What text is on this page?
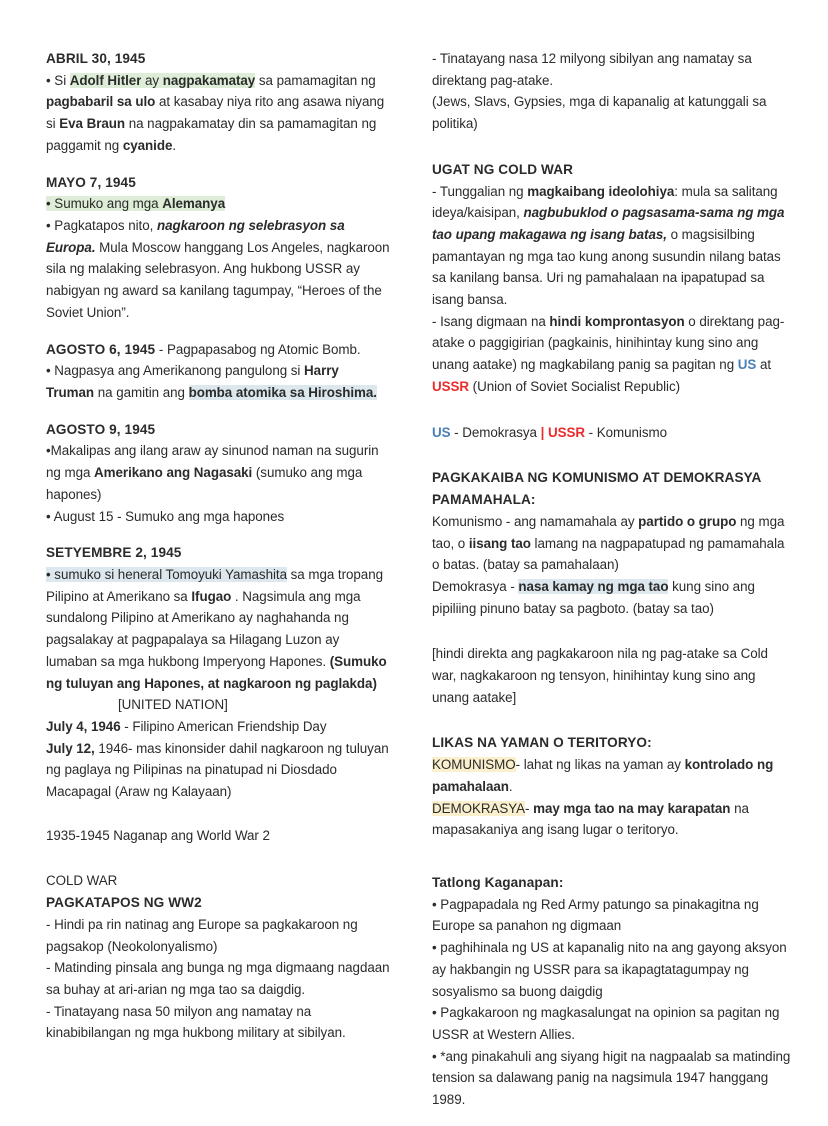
ABRIL 30, 1945

• Si Adolf Hitler ay nagpakamatay sa pamamagitan ng pagbabaril sa ulo at kasabay niya rito ang asawa niyang si Eva Braun na nagpakamatay din sa pamamagitan ng paggamit ng cyanide.

MAYO 7, 1945

• Sumuko ang mga Alemanya

• Pagkatapos nito, nagkaroon ng selebrasyon sa Europa. Mula Moscow hanggang Los Angeles, nagkaroon sila ng malaking selebrasyon. Ang hukbong USSR ay nabigyan ng award sa kanilang tagumpay, “Heroes of the Soviet Union”.

AGOSTO 6, 1945 - Pagpapasabog ng Atomic Bomb.

• Nagpasya ang Amerikanong pangulong si Harry Truman na gamitin ang bomba atomika sa Hiroshima.

AGOSTO 9, 1945

•Makalipas ang ilang araw ay sinunod naman na sugurin ng mga Amerikano ang Nagasaki (sumuko ang mga hapones)

• August 15 - Sumuko ang mga hapones

SETYEMBRE 2, 1945

• sumuko si heneral Tomoyuki Yamashita sa mga tropang Pilipino at Amerikano sa Ifugao . Nagsimula ang mga sundalong Pilipino at Amerikano ay naghahanda ng pagsalakay at pagpapalaya sa Hilagang Luzon ay lumaban sa mga hukbong Imperyong Hapones. (Sumuko ng tuluyan ang Hapones, at nagkaroon ng paglakda)

[UNITED NATION]

July 4, 1946 - Filipino American Friendship Day

July 12, 1946- mas kinonsider dahil nagkaroon ng tuluyan ng paglaya ng Pilipinas na pinatupad ni Diosdado Macapagal (Araw ng Kalayaan)

1935-1945 Naganap ang World War 2

COLD WAR

PAGKATAPOS NG WW2

- Hindi pa rin natinag ang Europe sa pagkakaroon ng pagsakop (Neokolonyalismo)

- Matinding pinsala ang bunga ng mga digmaang nagdaan sa buhay at ari-arian ng mga tao sa daigdig.

- Tinatayang nasa 50 milyon ang namatay na kinabibilangan ng mga hukbong military at sibilyan.

- Tinatayang nasa 12 milyong sibilyan ang namatay sa direktang pag-atake.

(Jews, Slavs, Gypsies, mga di kapanalig at katunggali sa politika)

UGAT NG COLD WAR

- Tunggalian ng magkaibang ideolohiya: mula sa salitang ideya/kaisipan, nagbubuklod o pagsasama-sama ng mga tao upang makagawa ng isang batas, o magsisilbing pamantayan ng mga tao kung anong susundin nilang batas sa kanilang bansa. Uri ng pamahalaan na ipapatupad sa isang bansa.

- Isang digmaan na hindi komprontasyon o direktang pag-atake o paggigirian (pagkainis, hinihintay kung sino ang unang aatake) ng magkabilang panig sa pagitan ng US at USSR (Union of Soviet Socialist Republic)

US - Demokrasya | USSR - Komunismo

PAGKAKAIBA NG KOMUNISMO AT DEMOKRASYA

PAMAMAHALA:

Komunismo - ang namamahala ay partido o grupo ng mga tao, o iisang tao lamang na nagpapatupad ng pamamahala o batas. (batay sa pamahalaan)

Demokrasya - nasa kamay ng mga tao kung sino ang pipiliing pinuno batay sa pagboto. (batay sa tao)

[hindi direkta ang pagkakaroon nila ng pag-atake sa Cold war, nagkakaroon ng tensyon, hinihintay kung sino ang unang aatake]

LIKAS NA YAMAN O TERITORYO:

KOMUNISMO- lahat ng likas na yaman ay kontrolado ng pamahalaan.

DEMOKRASYA- may mga tao na may karapatan na mapasakaniya ang isang lugar o teritoryo.

Tatlong Kaganapan:

• Pagpapadala ng Red Army patungo sa pinakagitna ng Europe sa panahon ng digmaan

• paghihinala ng US at kapanalig nito na ang gayong aksyon ay hakbangin ng USSR para sa ikapagtatagumpay ng sosyalismo sa buong daigdig

• Pagkakaroon ng magkasalungat na opinion sa pagitan ng USSR at Western Allies.

• *ang pinakahuli ang siyang higit na nagpaalab sa matinding tension sa dalawang panig na nagsimula 1947 hanggang 1989.
